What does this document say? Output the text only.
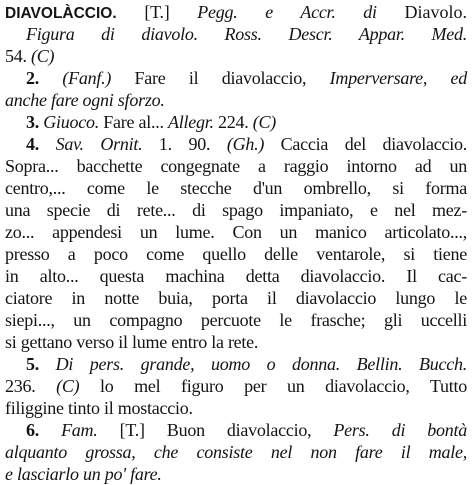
DIAVOLÀCCIO. [T.] Pegg. e Accr. di Diavolo.
Figura di diavolo. Ross. Descr. Appar. Med.
54. (C)
2. (Fanf.) Fare il diavolaccio, Imperversare, ed
anche fare ogni sforzo.
3. Giuoco. Fare al... Allegr. 224. (C)
4. Sav. Ornit. 1. 90. (Gh.) Caccia del diavolaccio.
Sopra... bacchette congegnate a raggio intorno ad un
centro,... come le stecche d'un ombrello, si forma
una specie di rete... di spago impaniato, e nel mez-
zo... appendesi un lume. Con un manico articolato...,
presso a poco come quello delle ventarole, si tiene
in alto... questa machina detta diavolaccio. Il cac-
ciatore in notte buia, porta il diavolaccio lungo le
siepi..., un compagno percuote le frasche; gli uccelli
si gettano verso il lume entro la rete.
5. Di pers. grande, uomo o donna. Bellin. Bucch.
236. (C) lo mel figuro per un diavolaccio, Tutto
filiggine tinto il mostaccio.
6. Fam. [T.] Buon diavolaccio, Pers. di bontà
alquanto grossa, che consiste nel non fare il male,
e lasciarlo un po' fare.
